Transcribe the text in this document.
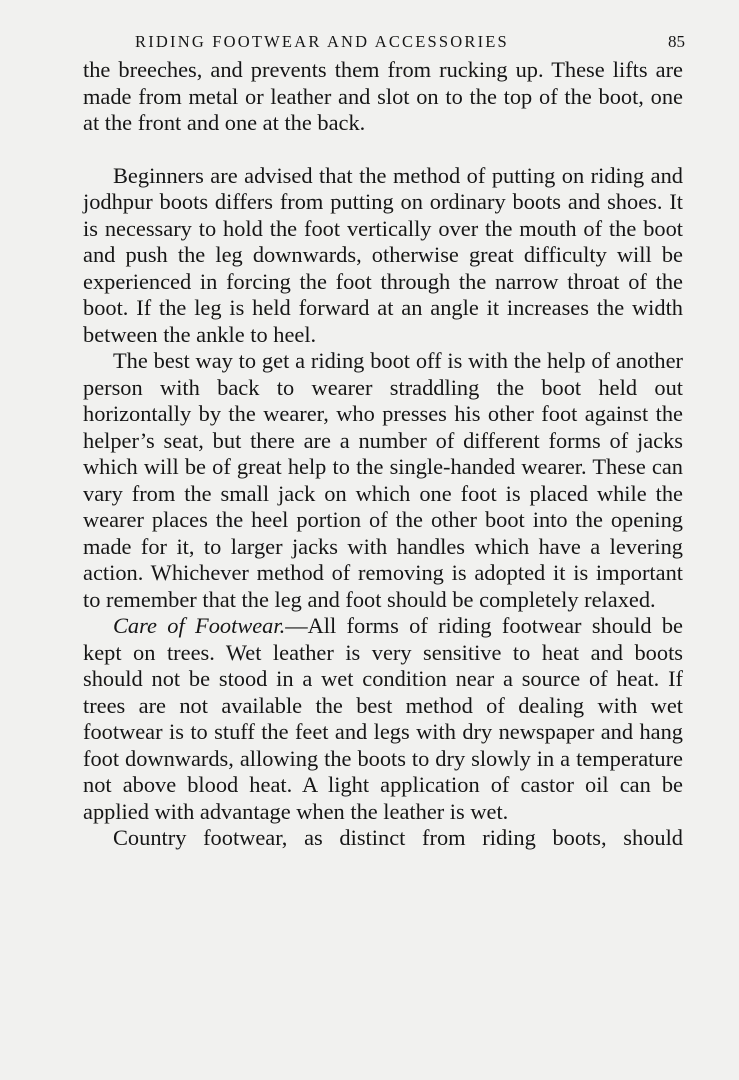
RIDING FOOTWEAR AND ACCESSORIES	85

the breeches, and prevents them from rucking up. These lifts are made from metal or leather and slot on to the top of the boot, one at the front and one at the back.

Beginners are advised that the method of putting on riding and jodhpur boots differs from putting on ordinary boots and shoes. It is necessary to hold the foot vertically over the mouth of the boot and push the leg downwards, otherwise great difficulty will be experienced in forcing the foot through the narrow throat of the boot. If the leg is held forward at an angle it increases the width between the ankle to heel.

The best way to get a riding boot off is with the help of another person with back to wearer straddling the boot held out horizontally by the wearer, who presses his other foot against the helper’s seat, but there are a number of different forms of jacks which will be of great help to the single-handed wearer. These can vary from the small jack on which one foot is placed while the wearer places the heel portion of the other boot into the opening made for it, to larger jacks with handles which have a levering action. Whichever method of removing is adopted it is important to remember that the leg and foot should be completely relaxed.

Care of Footwear.—All forms of riding footwear should be kept on trees. Wet leather is very sensitive to heat and boots should not be stood in a wet condition near a source of heat. If trees are not available the best method of dealing with wet footwear is to stuff the feet and legs with dry newspaper and hang foot downwards, allowing the boots to dry slowly in a temperature not above blood heat. A light application of castor oil can be applied with advantage when the leather is wet.

Country footwear, as distinct from riding boots, should
